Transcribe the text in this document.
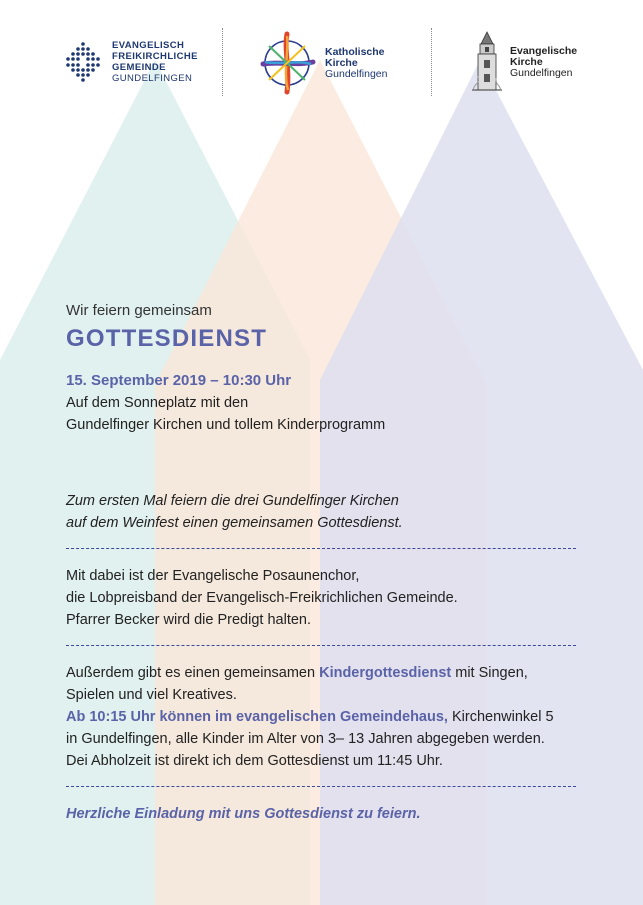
EVANGELISCH
FREIKIRCHLICHE
GEMEINDE
GUNDELFINGEN
Katholische
Kirche
Gundelfingen
Evangelische
Kirche
Gundelfingen
Wir feiern gemeinsam
GOTTESDIENST
15. September 2019 – 10:30 Uhr
Auf dem Sonneplatz mit den
Gundelfinger Kirchen und tollem Kinderprogramm
Zum ersten Mal feiern die drei Gundelfinger Kirchen
auf dem Weinfest einen gemeinsamen Gottesdienst.
Mit dabei ist der Evangelische Posaunenchor,
die Lobpreisband der Evangelisch-Freikrichlichen Gemeinde.
Pfarrer Becker wird die Predigt halten.
Außerdem gibt es einen gemeinsamen Kindergottesdienst mit Singen,
Spielen und viel Kreatives.
Ab 10:15 Uhr können im evangelischen Gemeindehaus, Kirchenwinkel 5
in Gundelfingen, alle Kinder im Alter von 3– 13 Jahren abgegeben werden.
Dei Abholzeit ist direkt ich dem Gottesdienst um 11:45 Uhr.
Herzliche Einladung mit uns Gottesdienst zu feiern.
